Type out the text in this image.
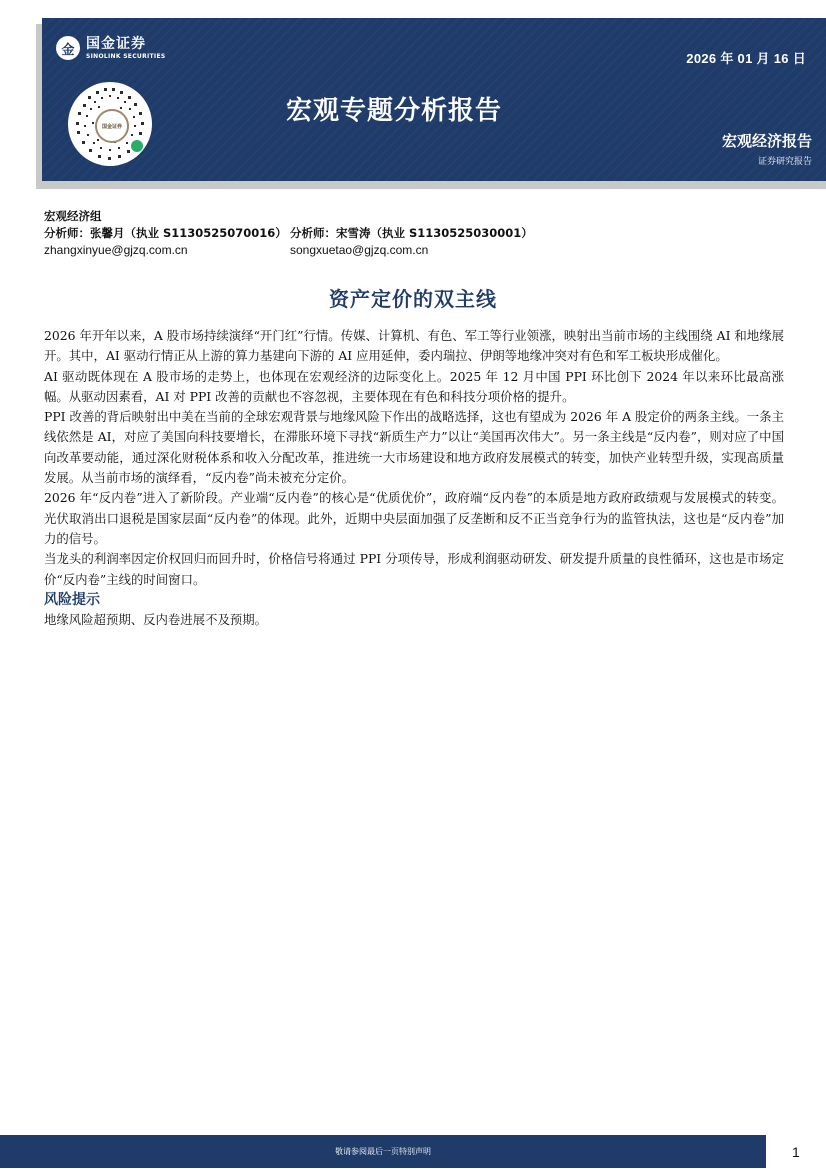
金 国金证券
SINOLINK SECURITIES
国金证券
2026 年 01 月 16 日
宏观专题分析报告
宏观经济报告
证券研究报告
宏观经济组
分析师：张馨月（执业 S1130525070016） 分析师：宋雪涛（执业 S1130525030001）
zhangxinyue@gjzq.com.cn	songxuetao@gjzq.com.cn
资产定价的双主线

2026 年开年以来，A 股市场持续演绎“开门红”行情。传媒、计算机、有色、军工等行业领涨，映射出当前市场的主线围绕 AI 和地缘展开。其中，AI 驱动行情正从上游的算力基建向下游的 AI 应用延伸，委内瑞拉、伊朗等地缘冲突对有色和军工板块形成催化。

AI 驱动既体现在 A 股市场的走势上，也体现在宏观经济的边际变化上。2025 年 12 月中国 PPI 环比创下 2024 年以来环比最高涨幅。从驱动因素看，AI 对 PPI 改善的贡献也不容忽视，主要体现在有色和科技分项价格的提升。

PPI 改善的背后映射出中美在当前的全球宏观背景与地缘风险下作出的战略选择，这也有望成为 2026 年 A 股定价的两条主线。一条主线依然是 AI，对应了美国向科技要增长，在滞胀环境下寻找“新质生产力”以让“美国再次伟大”。另一条主线是“反内卷”，则对应了中国向改革要动能，通过深化财税体系和收入分配改革，推进统一大市场建设和地方政府发展模式的转变，加快产业转型升级，实现高质量发展。从当前市场的演绎看，“反内卷”尚未被充分定价。

2026 年“反内卷”进入了新阶段。产业端“反内卷”的核心是“优质优价”，政府端“反内卷”的本质是地方政府政绩观与发展模式的转变。光伏取消出口退税是国家层面“反内卷”的体现。此外，近期中央层面加强了反垄断和反不正当竞争行为的监管执法，这也是“反内卷”加力的信号。

当龙头的利润率因定价权回归而回升时，价格信号将通过 PPI 分项传导，形成利润驱动研发、研发提升质量的良性循环，这也是市场定价“反内卷”主线的时间窗口。

风险提示

地缘风险超预期、反内卷进展不及预期。

敬请参阅最后一页特别声明	1
